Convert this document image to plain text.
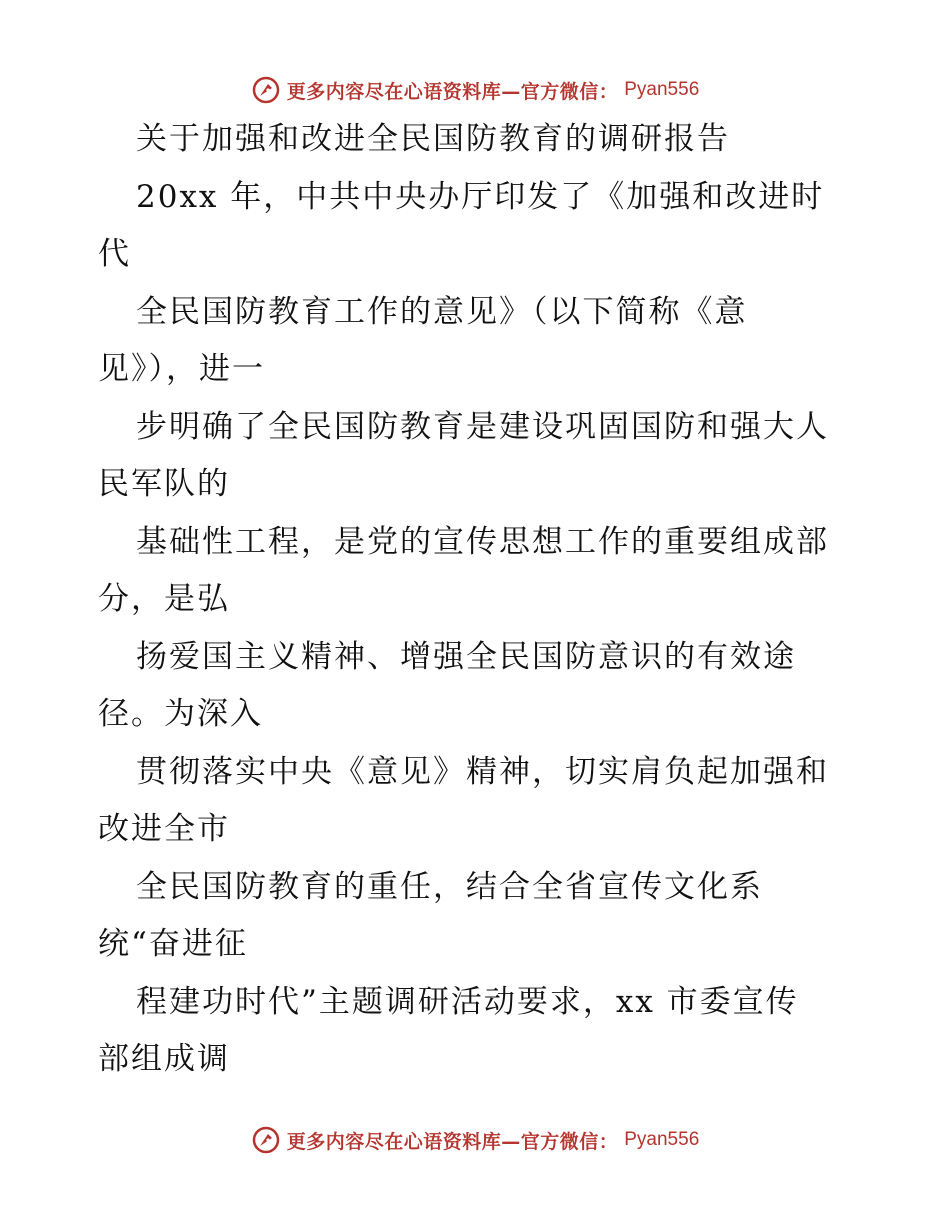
更多内容尽在心语资料库—官方微信： Pyan556
关于加强和改进全民国防教育的调研报告
20xx 年，中共中央办厅印发了《加强和改进时
代
全民国防教育工作的意见》（以下简称《意
见》），进一
步明确了全民国防教育是建设巩固国防和强大人
民军队的
基础性工程，是党的宣传思想工作的重要组成部
分，是弘
扬爱国主义精神、增强全民国防意识的有效途
径。为深入
贯彻落实中央《意见》精神，切实肩负起加强和
改进全市
全民国防教育的重任，结合全省宣传文化系
统“奋进征
程建功时代”主题调研活动要求，xx 市委宣传
部组成调
更多内容尽在心语资料库—官方微信： Pyan556
